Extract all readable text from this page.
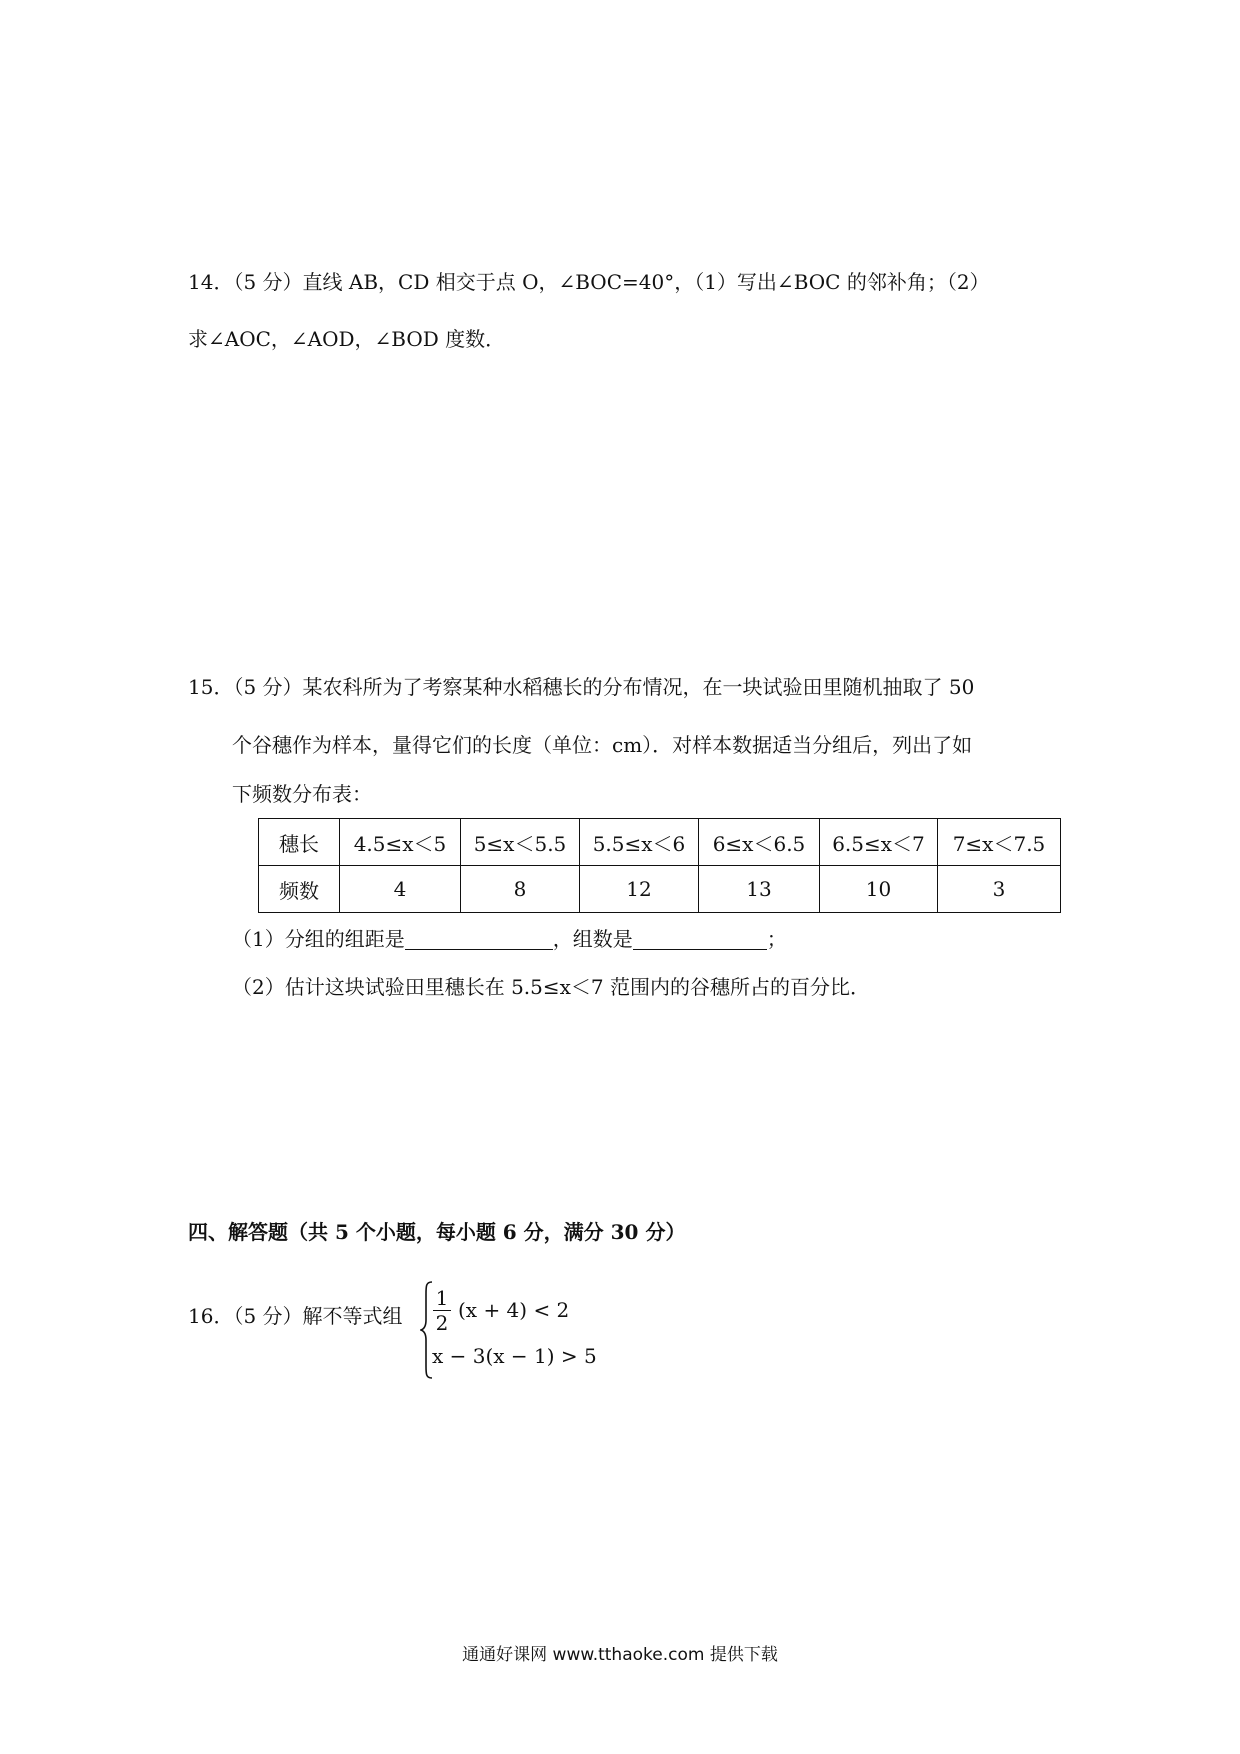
14．（5 分）直线 AB，CD 相交于点 O，∠BOC=40°，（1）写出∠BOC 的邻补角；（2）
求∠AOC，∠AOD，∠BOD 度数．
15．（5 分）某农科所为了考察某种水稻穗长的分布情况，在一块试验田里随机抽取了 50
个谷穗作为样本，量得它们的长度（单位：cm）．对样本数据适当分组后，列出了如
下频数分布表：
穗长	4.5≤x＜5	5≤x＜5.5	5.5≤x＜6	6≤x＜6.5	6.5≤x＜7	7≤x＜7.5
频数	4	8	12	13	10	3
（1）分组的组距是	，组数是	；
（2）估计这块试验田里穗长在 5.5≤x＜7 范围内的谷穗所占的百分比．
四、解答题（共 5 个小题，每小题 6 分，满分 30 分）
16．（5 分）解不等式组
1
2
(x + 4) < 2
x − 3(x − 1) > 5
通通好课网 www.tthaoke.com 提供下载
